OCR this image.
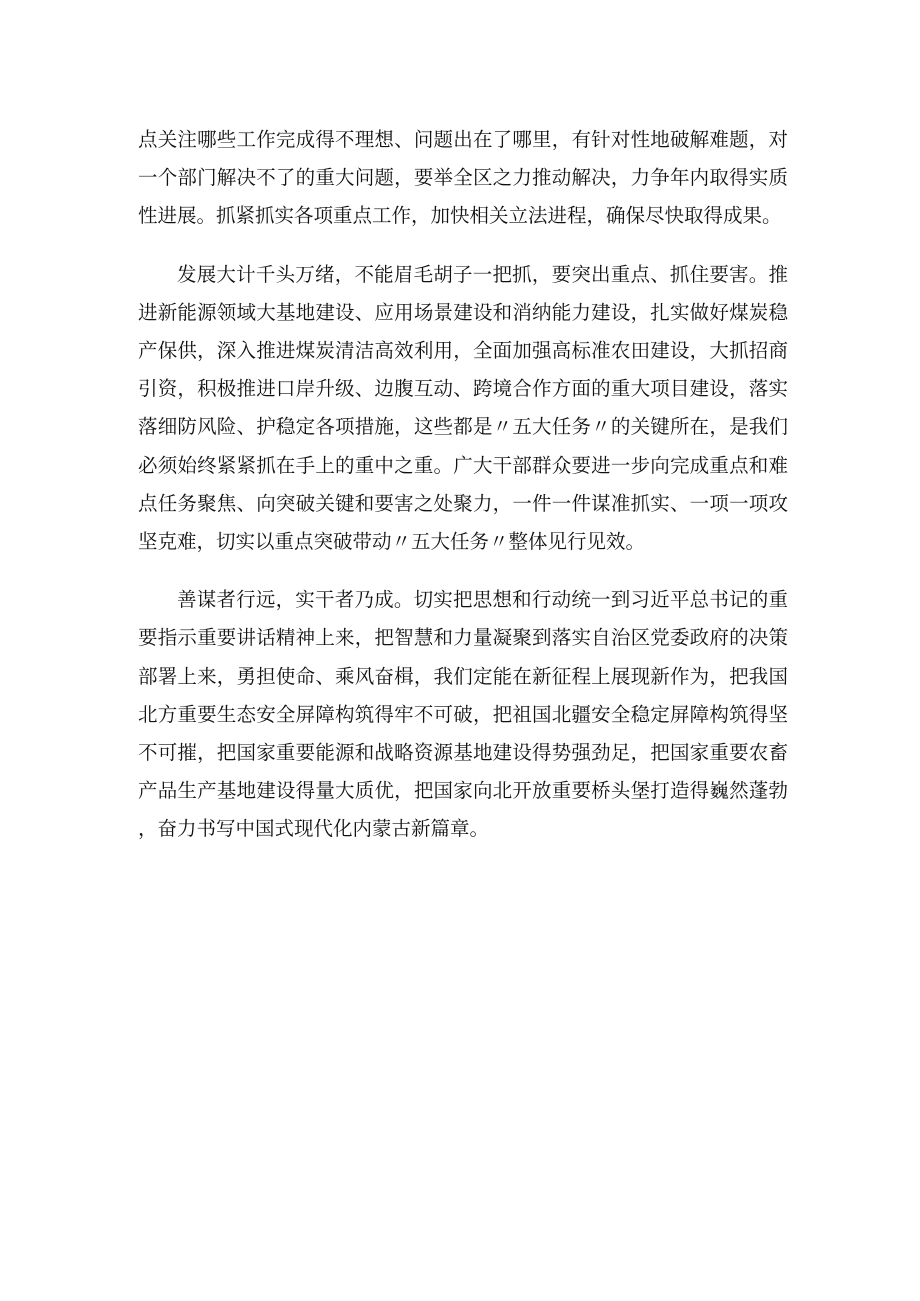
点关注哪些工作完成得不理想、问题出在了哪里，有针对性地破解难题，对一个部门解决不了的重大问题，要举全区之力推动解决，力争年内取得实质性进展。抓紧抓实各项重点工作，加快相关立法进程，确保尽快取得成果。

发展大计千头万绪，不能眉毛胡子一把抓，要突出重点、抓住要害。推进新能源领域大基地建设、应用场景建设和消纳能力建设，扎实做好煤炭稳产保供，深入推进煤炭清洁高效利用，全面加强高标准农田建设，大抓招商引资，积极推进口岸升级、边腹互动、跨境合作方面的重大项目建设，落实落细防风险、护稳定各项措施，这些都是〃五大任务〃的关键所在，是我们必须始终紧紧抓在手上的重中之重。广大干部群众要进一步向完成重点和难点任务聚焦、向突破关键和要害之处聚力，一件一件谋准抓实、一项一项攻坚克难，切实以重点突破带动〃五大任务〃整体见行见效。

善谋者行远，实干者乃成。切实把思想和行动统一到习近平总书记的重要指示重要讲话精神上来，把智慧和力量凝聚到落实自治区党委政府的决策部署上来，勇担使命、乘风奋楫，我们定能在新征程上展现新作为，把我国北方重要生态安全屏障构筑得牢不可破，把祖国北疆安全稳定屏障构筑得坚不可摧，把国家重要能源和战略资源基地建设得势强劲足，把国家重要农畜产品生产基地建设得量大质优，把国家向北开放重要桥头堡打造得巍然蓬勃，奋力书写中国式现代化内蒙古新篇章。
